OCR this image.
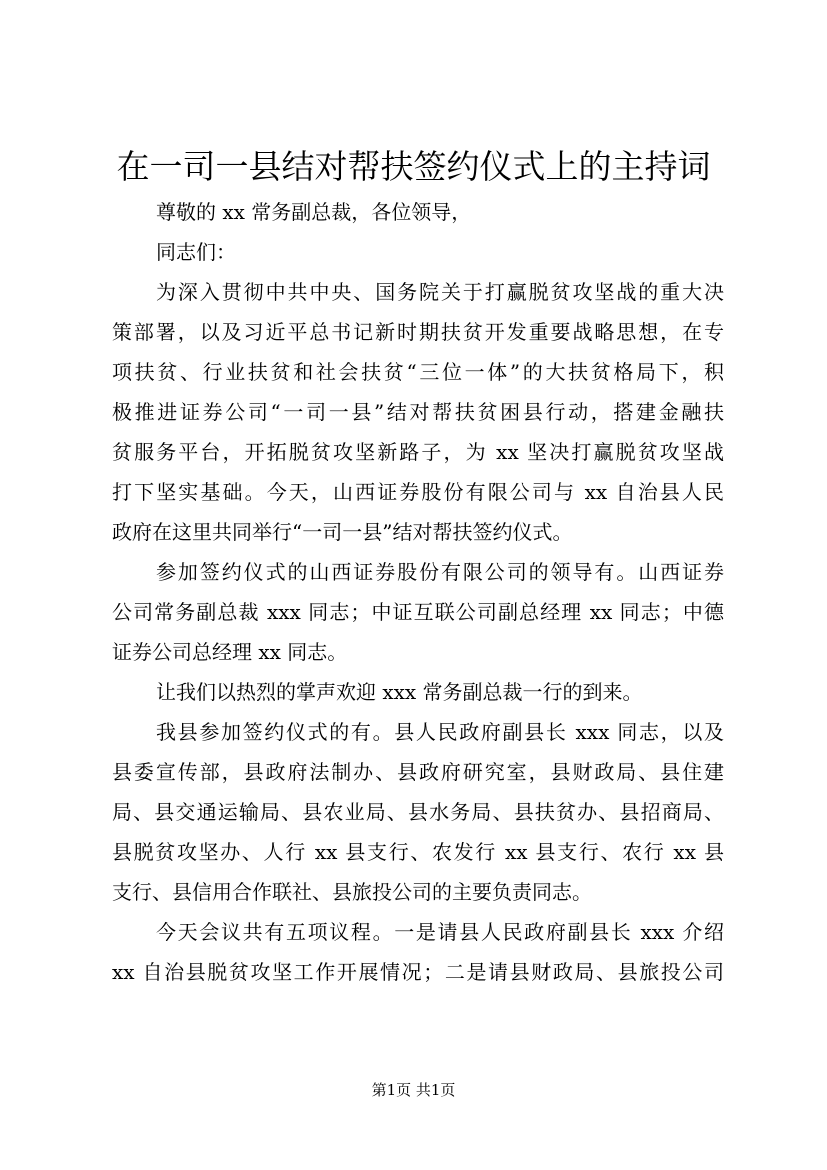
在一司一县结对帮扶签约仪式上的主持词
尊敬的 xx 常务副总裁，各位领导，
同志们：
为深入贯彻中共中央、国务院关于打赢脱贫攻坚战的重大决
策部署，以及习近平总书记新时期扶贫开发重要战略思想，在专
项扶贫、行业扶贫和社会扶贫“三位一体”的大扶贫格局下，积
极推进证券公司“一司一县”结对帮扶贫困县行动，搭建金融扶
贫服务平台，开拓脱贫攻坚新路子，为 xx 坚决打赢脱贫攻坚战
打下坚实基础。今天，山西证券股份有限公司与 xx 自治县人民
政府在这里共同举行“一司一县”结对帮扶签约仪式。
参加签约仪式的山西证券股份有限公司的领导有。山西证券
公司常务副总裁 xxx 同志；中证互联公司副总经理 xx 同志；中德
证券公司总经理 xx 同志。
让我们以热烈的掌声欢迎 xxx 常务副总裁一行的到来。
我县参加签约仪式的有。县人民政府副县长 xxx 同志，以及
县委宣传部，县政府法制办、县政府研究室，县财政局、县住建
局、县交通运输局、县农业局、县水务局、县扶贫办、县招商局、
县脱贫攻坚办、人行 xx 县支行、农发行 xx 县支行、农行 xx 县
支行、县信用合作联社、县旅投公司的主要负责同志。
今天会议共有五项议程。一是请县人民政府副县长 xxx 介绍
xx 自治县脱贫攻坚工作开展情况；二是请县财政局、县旅投公司
第1页 共1页
